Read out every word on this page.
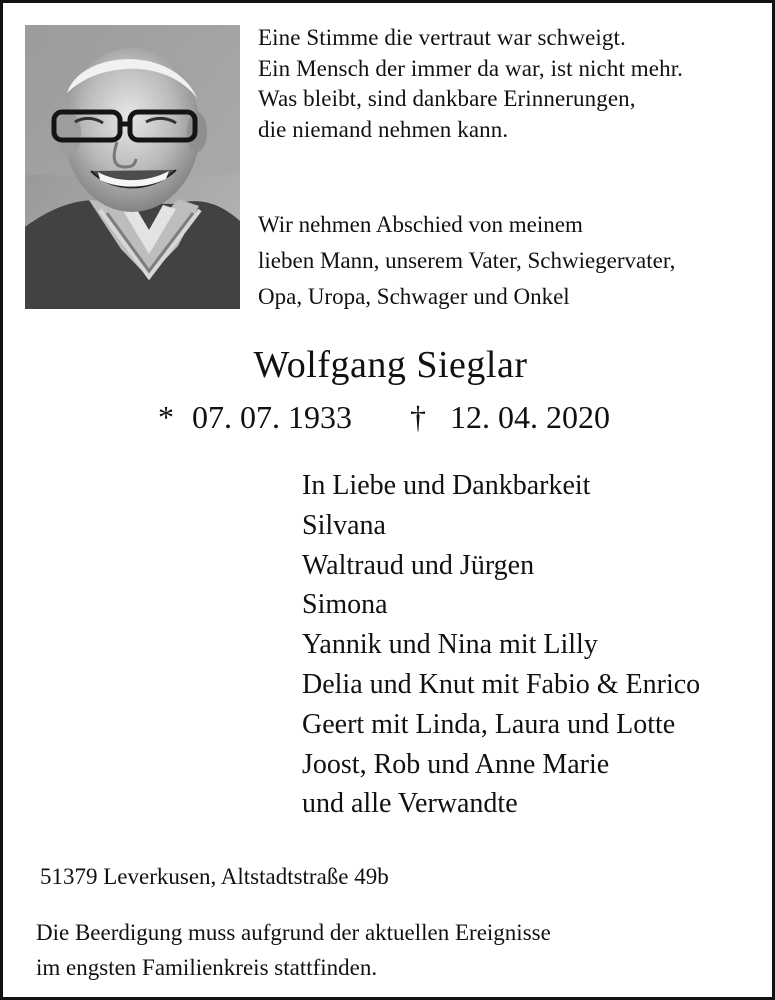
Eine Stimme die vertraut war schweigt.
Ein Mensch der immer da war, ist nicht mehr.
Was bleibt, sind dankbare Erinnerungen,
die niemand nehmen kann.
Wir nehmen Abschied von meinem
lieben Mann, unserem Vater, Schwiegervater,
Opa, Uropa, Schwager und Onkel
Wolfgang Sieglar
* 07. 07. 1933 † 12. 04. 2020
In Liebe und Dankbarkeit
Silvana
Waltraud und Jürgen
Simona
Yannik und Nina mit Lilly
Delia und Knut mit Fabio & Enrico
Geert mit Linda, Laura und Lotte
Joost, Rob und Anne Marie
und alle Verwandte
51379 Leverkusen, Altstadtstraße 49b
Die Beerdigung muss aufgrund der aktuellen Ereignisse
im engsten Familienkreis stattfinden.
